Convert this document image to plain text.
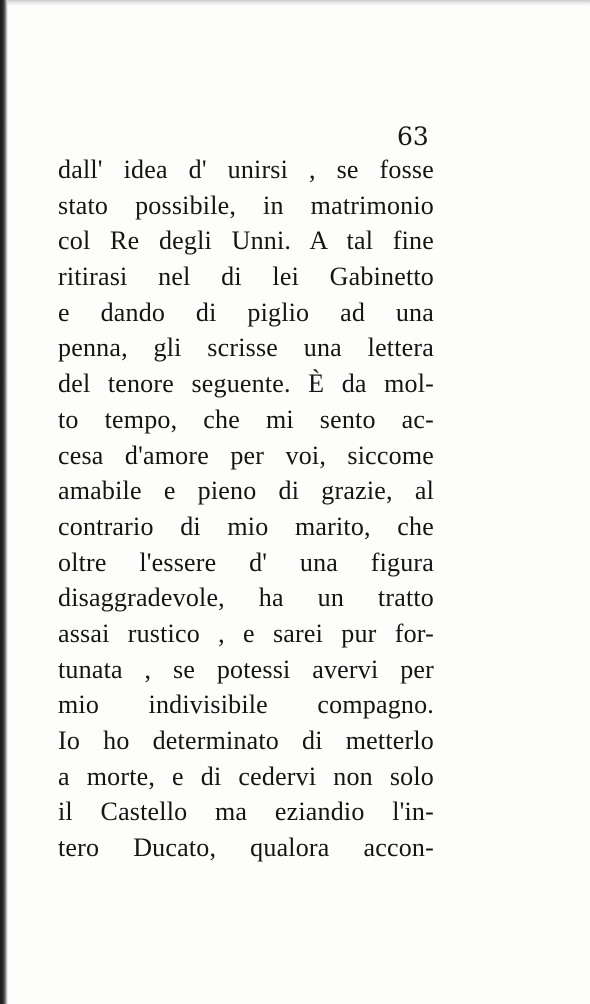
63
dall' idea d' unirsi , se fosse
stato possibile, in matrimonio
col Re degli Unni. A tal fine
ritirasi nel di lei Gabinetto
e dando di piglio ad una
penna, gli scrisse una lettera
del tenore seguente. È da mol-
to tempo, che mi sento ac-
cesa d'amore per voi, siccome
amabile e pieno di grazie, al
contrario di mio marito, che
oltre l'essere d' una figura
disaggradevole, ha un tratto
assai rustico , e sarei pur for-
tunata , se potessi avervi per
mio indivisibile compagno.
Io ho determinato di metterlo
a morte, e di cedervi non solo
il Castello ma eziandio l'in-
tero Ducato, qualora accon-
